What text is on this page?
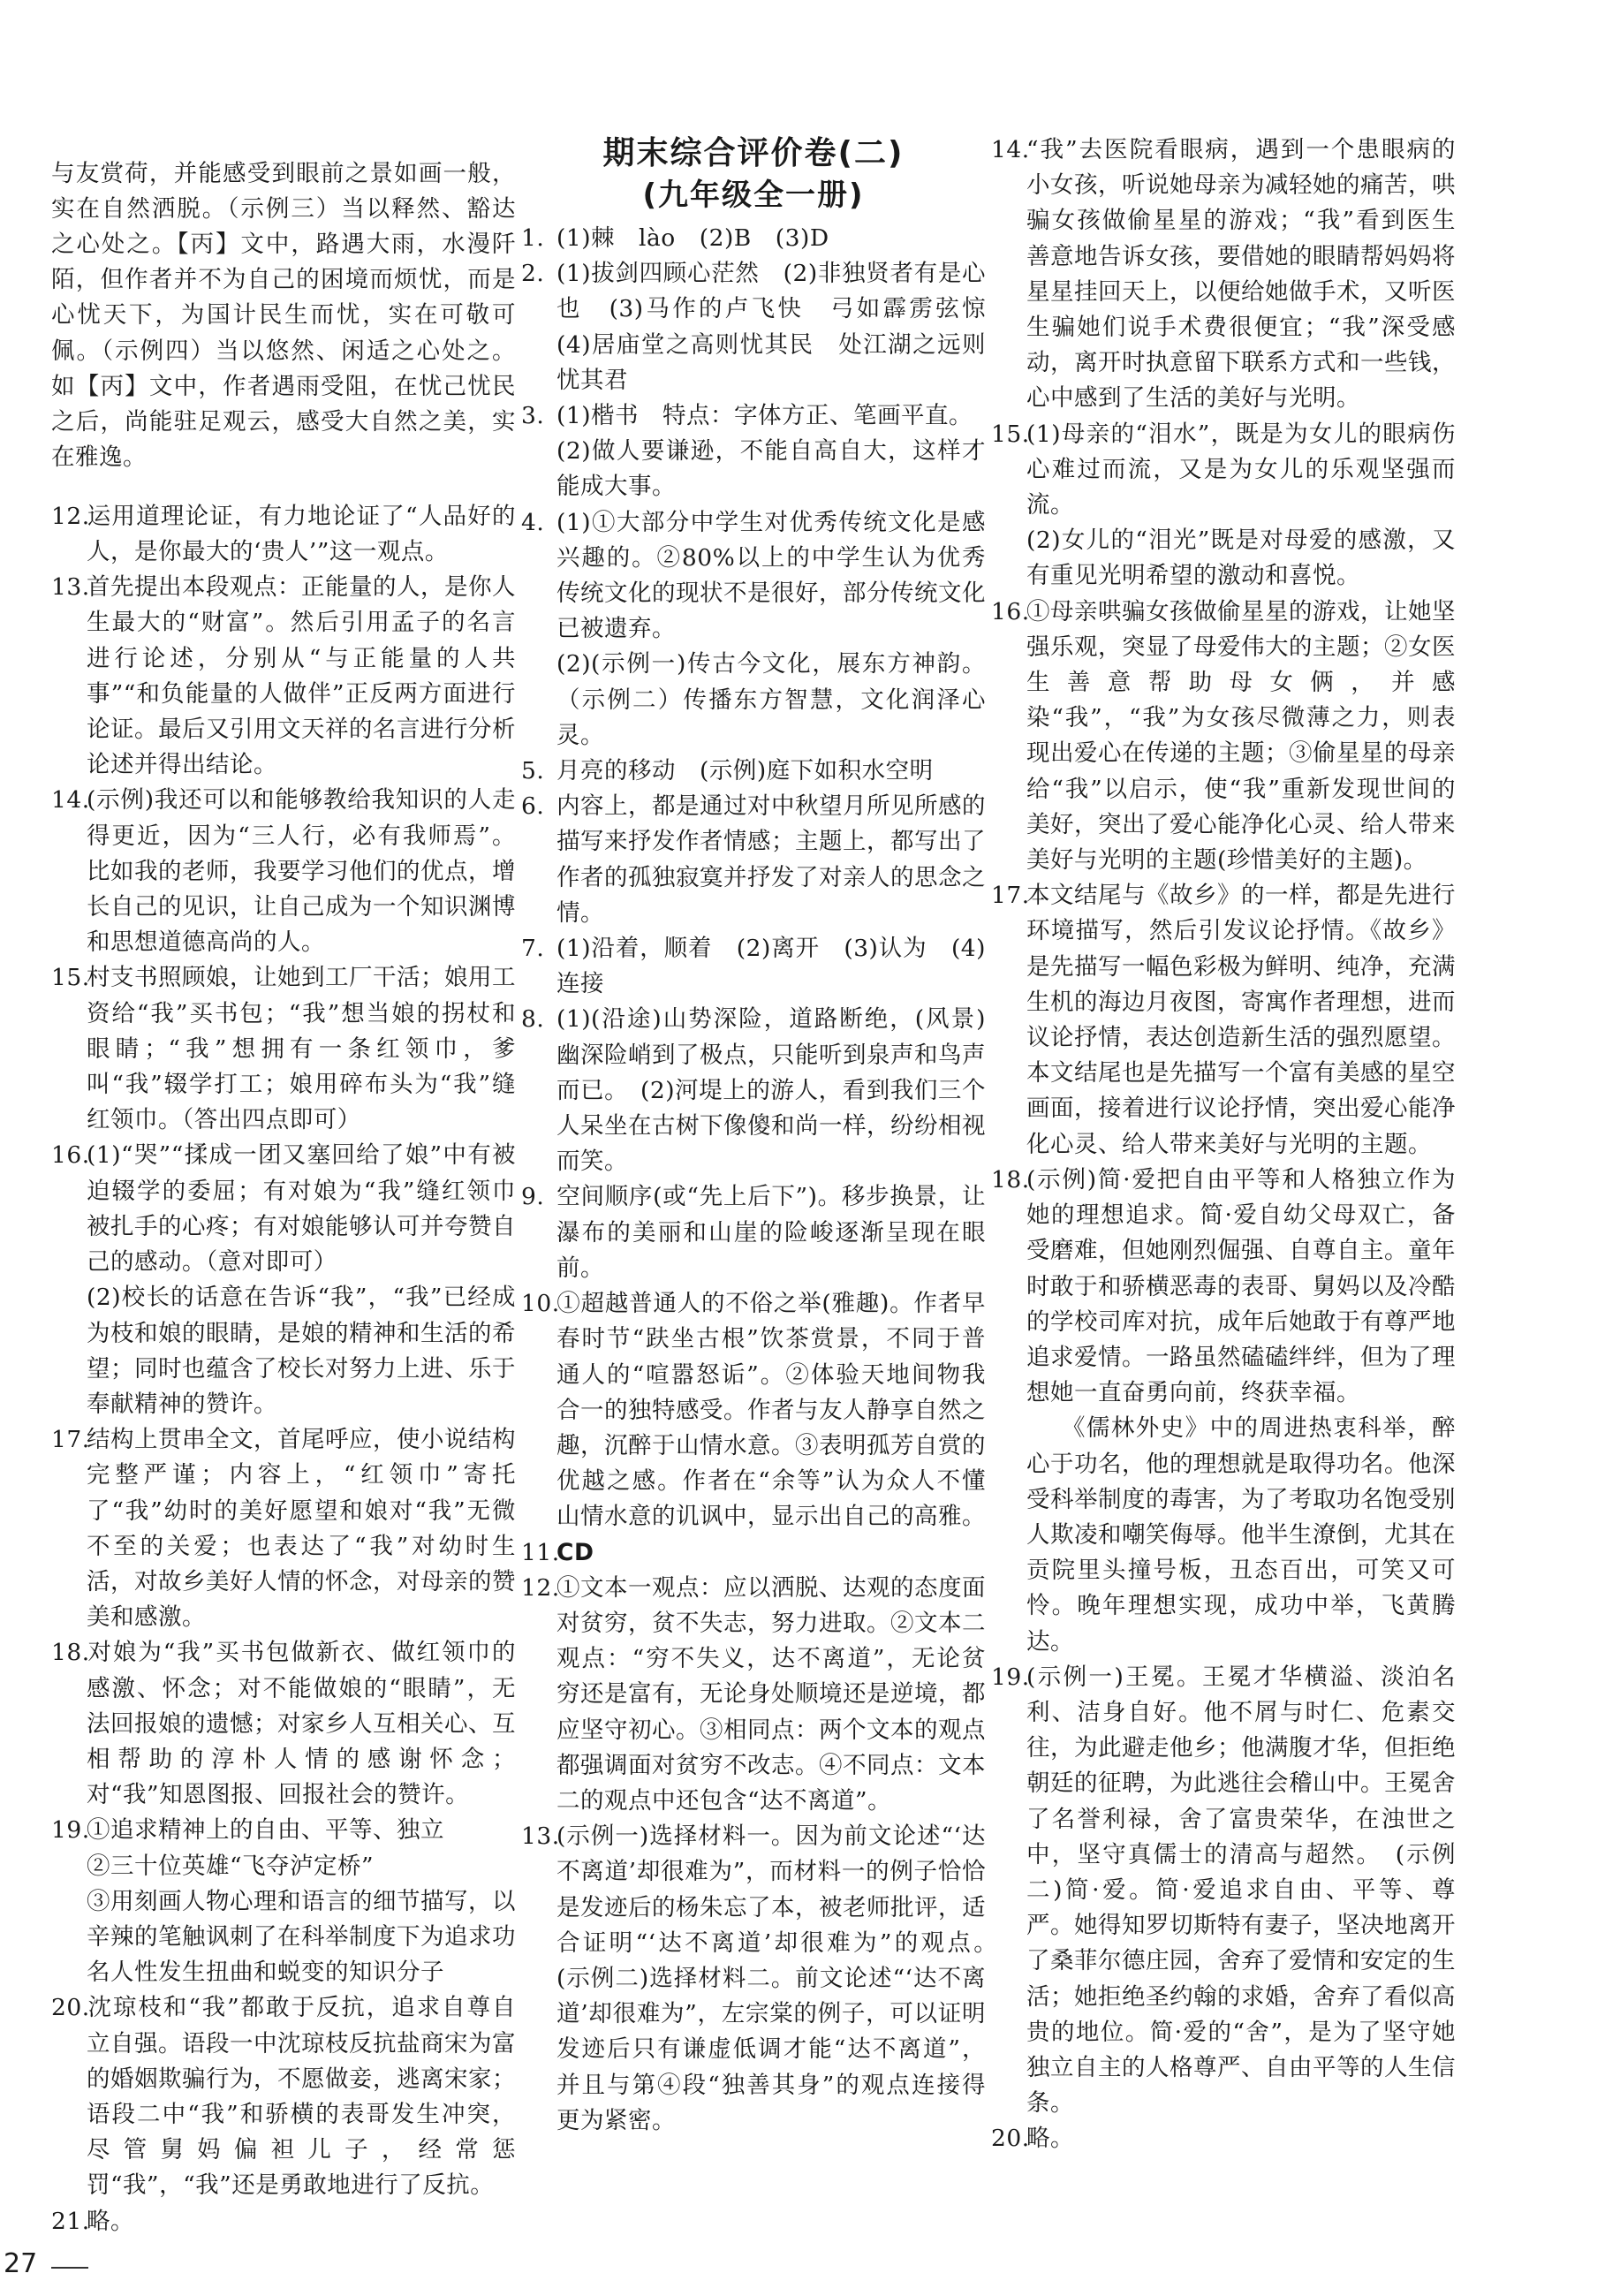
与友赏荷，并能感受到眼前之景如画一般，实在自然洒脱。（示例三）当以释然、豁达之心处之。【丙】文中，路遇大雨，水漫阡陌，但作者并不为自己的困境而烦忧，而是心忧天下，为国计民生而忧，实在可敬可佩。（示例四）当以悠然、闲适之心处之。如【丙】文中，作者遇雨受阻，在忧己忧民之后，尚能驻足观云，感受大自然之美，实在雅逸。

12.运用道理论证，有力地论证了“人品好的人，是你最大的‘贵人’”这一观点。

13.首先提出本段观点：正能量的人，是你人生最大的“财富”。然后引用孟子的名言进行论述，分别从“与正能量的人共事”“和负能量的人做伴”正反两方面进行论证。最后又引用文天祥的名言进行分析论述并得出结论。

14.(示例)我还可以和能够教给我知识的人走得更近，因为“三人行，必有我师焉”。比如我的老师，我要学习他们的优点，增长自己的见识，让自己成为一个知识渊博和思想道德高尚的人。

15.村支书照顾娘，让她到工厂干活；娘用工资给“我”买书包；“我”想当娘的拐杖和眼睛；“我”想拥有一条红领巾，爹叫“我”辍学打工；娘用碎布头为“我”缝红领巾。（答出四点即可）

16.(1)“哭”“揉成一团又塞回给了娘”中有被迫辍学的委屈；有对娘为“我”缝红领巾被扎手的心疼；有对娘能够认可并夸赞自己的感动。（意对即可）

(2)校长的话意在告诉“我”，“我”已经成为枝和娘的眼睛，是娘的精神和生活的希望；同时也蕴含了校长对努力上进、乐于奉献精神的赞许。

17.结构上贯串全文，首尾呼应，使小说结构完整严谨；内容上，“红领巾”寄托了“我”幼时的美好愿望和娘对“我”无微不至的关爱；也表达了“我”对幼时生活，对故乡美好人情的怀念，对母亲的赞美和感激。

18.对娘为“我”买书包做新衣、做红领巾的感激、怀念；对不能做娘的“眼睛”，无法回报娘的遗憾；对家乡人互相关心、互相帮助的淳朴人情的感谢怀念；对“我”知恩图报、回报社会的赞许。

19.①追求精神上的自由、平等、独立

②三十位英雄“飞夺泸定桥”

③用刻画人物心理和语言的细节描写，以辛辣的笔触讽刺了在科举制度下为追求功名人性发生扭曲和蜕变的知识分子

20.沈琼枝和“我”都敢于反抗，追求自尊自立自强。语段一中沈琼枝反抗盐商宋为富的婚姻欺骗行为，不愿做妾，逃离宋家；语段二中“我”和骄横的表哥发生冲突，尽管舅妈偏袒儿子，经常惩罚“我”，“我”还是勇敢地进行了反抗。

21.略。

期末综合评价卷(二)

(九年级全一册)

1. (1)棘　lào　(2)B　(3)D

2. (1)拔剑四顾心茫然　(2)非独贤者有是心也　(3)马作的卢飞快　弓如霹雳弦惊　(4)居庙堂之高则忧其民　处江湖之远则忧其君

3. (1)楷书　特点：字体方正、笔画平直。

(2)做人要谦逊，不能自高自大，这样才能成大事。

4. (1)①大部分中学生对优秀传统文化是感兴趣的。②80%以上的中学生认为优秀传统文化的现状不是很好，部分传统文化已被遗弃。

(2)(示例一)传古今文化，展东方神韵。（示例二）传播东方智慧，文化润泽心灵。

5. 月亮的移动　(示例)庭下如积水空明

6. 内容上，都是通过对中秋望月所见所感的描写来抒发作者情感；主题上，都写出了作者的孤独寂寞并抒发了对亲人的思念之情。

7. (1)沿着，顺着　(2)离开　(3)认为　(4)连接

8. (1)(沿途)山势深险，道路断绝，(风景)幽深险峭到了极点，只能听到泉声和鸟声而已。　(2)河堤上的游人，看到我们三个人呆坐在古树下像傻和尚一样，纷纷相视而笑。

9. 空间顺序(或“先上后下”)。移步换景，让瀑布的美丽和山崖的险峻逐渐呈现在眼前。

10.①超越普通人的不俗之举(雅趣)。作者早春时节“趺坐古根”饮茶赏景，不同于普通人的“喧嚣怒诟”。②体验天地间物我合一的独特感受。作者与友人静享自然之趣，沉醉于山情水意。③表明孤芳自赏的优越之感。作者在“余等”认为众人不懂山情水意的讥讽中，显示出自己的高雅。

11.CD

12.①文本一观点：应以洒脱、达观的态度面对贫穷，贫不失志，努力进取。②文本二观点：“穷不失义，达不离道”，无论贫穷还是富有，无论身处顺境还是逆境，都应坚守初心。③相同点：两个文本的观点都强调面对贫穷不改志。④不同点：文本二的观点中还包含“达不离道”。

13.(示例一)选择材料一。因为前文论述“‘达不离道’却很难为”，而材料一的例子恰恰是发迹后的杨朱忘了本，被老师批评，适合证明“‘达不离道’却很难为”的观点。　(示例二)选择材料二。前文论述“‘达不离道’却很难为”，左宗棠的例子，可以证明发迹后只有谦虚低调才能“达不离道”，并且与第④段“独善其身”的观点连接得更为紧密。

14.“我”去医院看眼病，遇到一个患眼病的小女孩，听说她母亲为减轻她的痛苦，哄骗女孩做偷星星的游戏；“我”看到医生善意地告诉女孩，要借她的眼睛帮妈妈将星星挂回天上，以便给她做手术，又听医生骗她们说手术费很便宜；“我”深受感动，离开时执意留下联系方式和一些钱，心中感到了生活的美好与光明。

15.(1)母亲的“泪水”，既是为女儿的眼病伤心难过而流，又是为女儿的乐观坚强而流。

(2)女儿的“泪光”既是对母爱的感激，又有重见光明希望的激动和喜悦。

16.①母亲哄骗女孩做偷星星的游戏，让她坚强乐观，突显了母爱伟大的主题；②女医生善意帮助母女俩，并感染“我”，“我”为女孩尽微薄之力，则表现出爱心在传递的主题；③偷星星的母亲给“我”以启示，使“我”重新发现世间的美好，突出了爱心能净化心灵、给人带来美好与光明的主题(珍惜美好的主题)。

17.本文结尾与《故乡》的一样，都是先进行环境描写，然后引发议论抒情。《故乡》是先描写一幅色彩极为鲜明、纯净，充满生机的海边月夜图，寄寓作者理想，进而议论抒情，表达创造新生活的强烈愿望。本文结尾也是先描写一个富有美感的星空画面，接着进行议论抒情，突出爱心能净化心灵、给人带来美好与光明的主题。

18.(示例)简·爱把自由平等和人格独立作为她的理想追求。简·爱自幼父母双亡，备受磨难，但她刚烈倔强、自尊自主。童年时敢于和骄横恶毒的表哥、舅妈以及冷酷的学校司库对抗，成年后她敢于有尊严地追求爱情。一路虽然磕磕绊绊，但为了理想她一直奋勇向前，终获幸福。

《儒林外史》中的周进热衷科举，醉心于功名，他的理想就是取得功名。他深受科举制度的毒害，为了考取功名饱受别人欺凌和嘲笑侮辱。他半生潦倒，尤其在贡院里头撞号板，丑态百出，可笑又可怜。晚年理想实现，成功中举，飞黄腾达。

19.(示例一)王冕。王冕才华横溢、淡泊名利、洁身自好。他不屑与时仁、危素交往，为此避走他乡；他满腹才华，但拒绝朝廷的征聘，为此逃往会稽山中。王冕舍了名誉利禄，舍了富贵荣华，在浊世之中，坚守真儒士的清高与超然。　(示例二)简·爱。简·爱追求自由、平等、尊严。她得知罗切斯特有妻子，坚决地离开了桑菲尔德庄园，舍弃了爱情和安定的生活；她拒绝圣约翰的求婚，舍弃了看似高贵的地位。简·爱的“舍”，是为了坚守她独立自主的人格尊严、自由平等的人生信条。

20.略。

27
